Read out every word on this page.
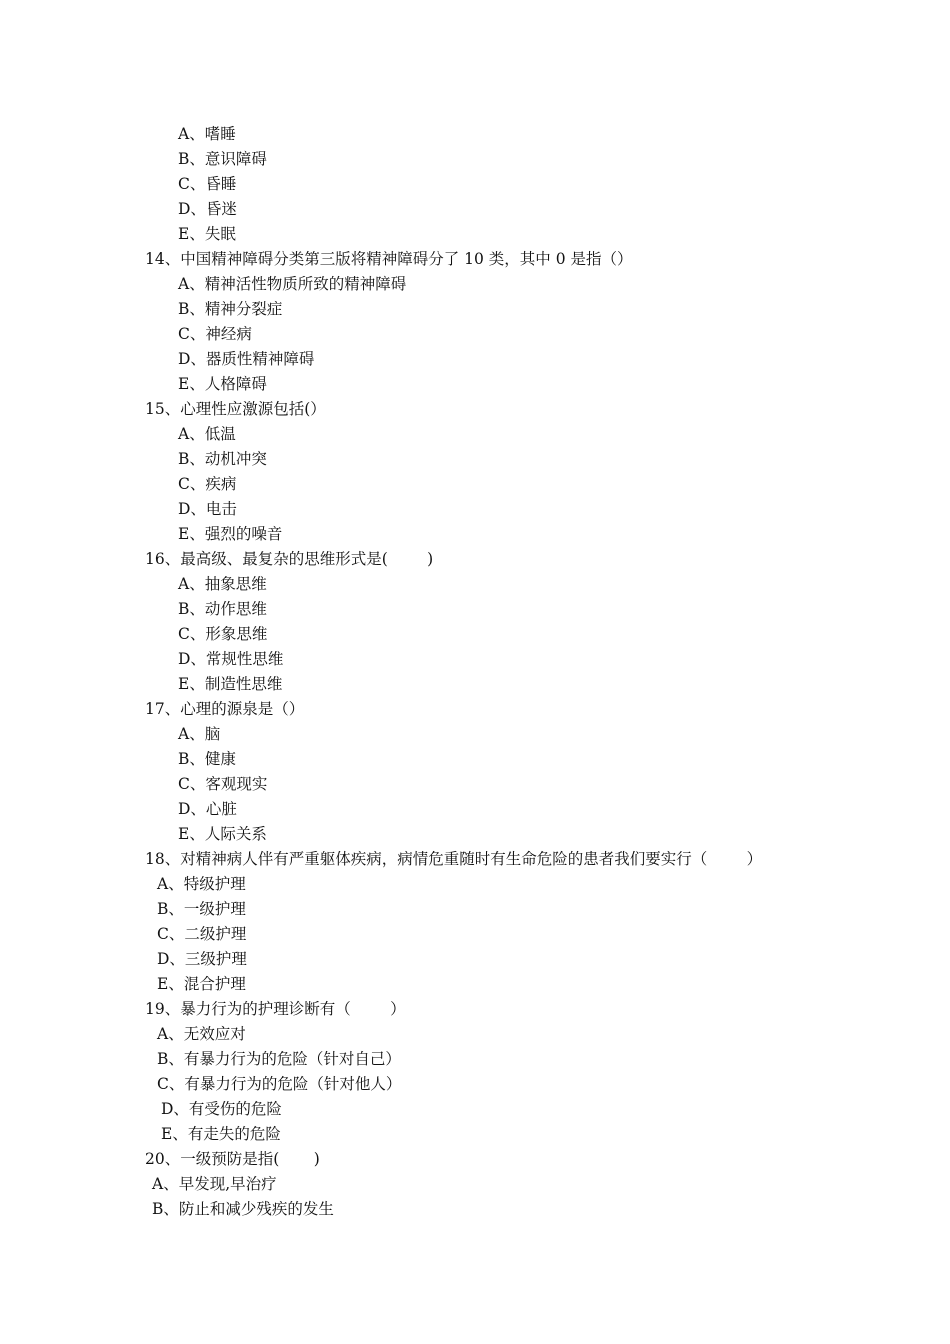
A、嗜睡
B、意识障碍
C、昏睡
D、昏迷
E、失眠
14、中国精神障碍分类第三版将精神障碍分了 10 类，其中 0 是指（）
A、精神活性物质所致的精神障碍
B、精神分裂症
C、神经病
D、器质性精神障碍
E、人格障碍
15、心理性应激源包括(）
A、低温
B、动机冲突
C、疾病
D、电击
E、强烈的噪音
16、最高级、最复杂的思维形式是(        )
A、抽象思维
B、动作思维
C、形象思维
D、常规性思维
E、制造性思维
17、心理的源泉是（）
A、脑
B、健康
C、客观现实
D、心脏
E、人际关系
18、对精神病人伴有严重躯体疾病，病情危重随时有生命危险的患者我们要实行（        ）
A、特级护理
B、一级护理
C、二级护理
D、三级护理
E、混合护理
19、暴力行为的护理诊断有（        ）
A、无效应对
B、有暴力行为的危险（针对自己）
C、有暴力行为的危险（针对他人）
D、有受伤的危险
E、有走失的危险
20、一级预防是指(       )
A、早发现,早治疗
B、防止和减少残疾的发生
